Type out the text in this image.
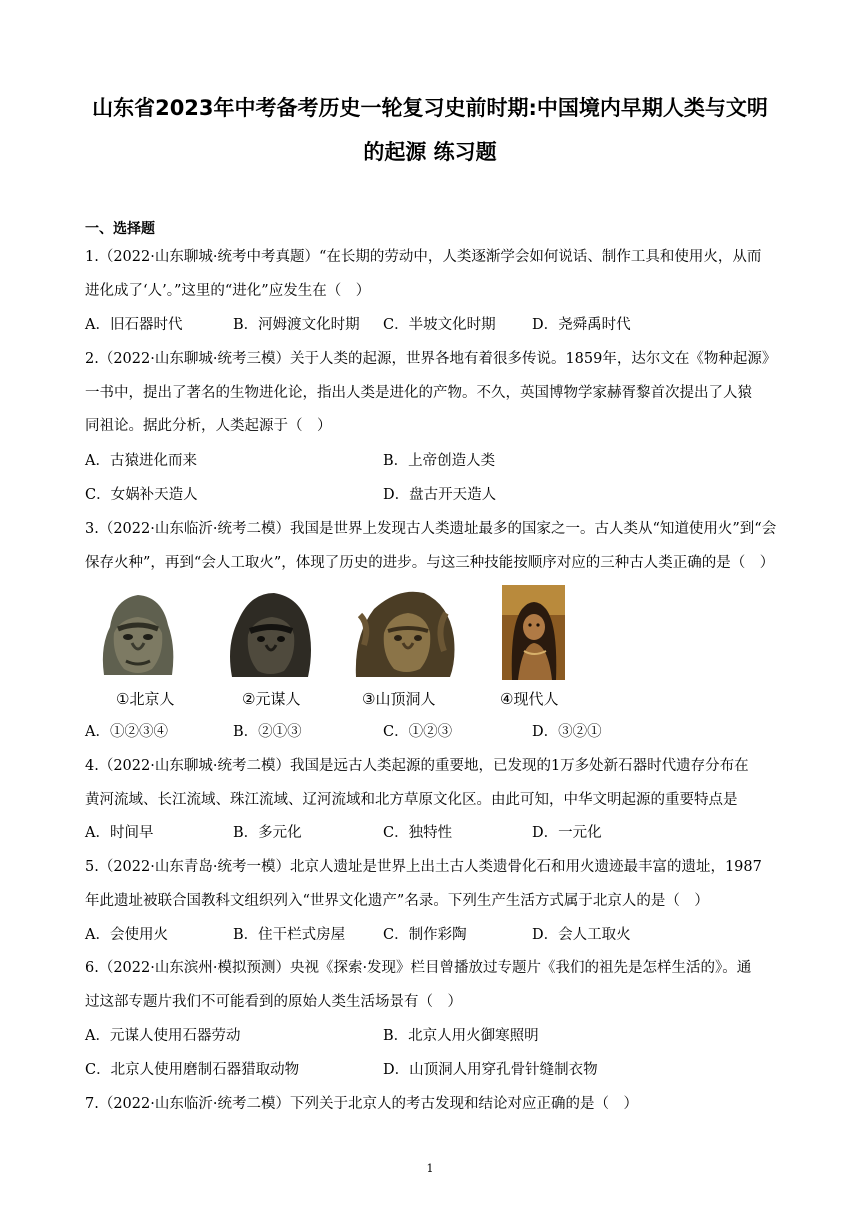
山东省2023年中考备考历史一轮复习史前时期:中国境内早期人类与文明
的起源 练习题
一、选择题
1.（2022·山东聊城·统考中考真题）“在长期的劳动中，人类逐渐学会如何说话、制作工具和使用火，从而
进化成了‘人’。”这里的“进化”应发生在（　）
A．旧石器时代	B．河姆渡文化时期 C．半坡文化时期	D．尧舜禹时代
2.（2022·山东聊城·统考三模）关于人类的起源，世界各地有着很多传说。1859年，达尔文在《物种起源》
一书中，提出了著名的生物进化论，指出人类是进化的产物。不久，英国博物学家赫胥黎首次提出了人猿
同祖论。据此分析，人类起源于（　）
A．古猿进化而来	B．上帝创造人类
C．女娲补天造人	D．盘古开天造人
3.（2022·山东临沂·统考二模）我国是世界上发现古人类遗址最多的国家之一。古人类从“知道使用火”到“会
保存火种”，再到“会人工取火”，体现了历史的进步。与这三种技能按顺序对应的三种古人类正确的是（　）
①北京人	②元谋人	③山顶洞人	④现代人
A．①②③④	B．②①③	C．①②③	D．③②①
4.（2022·山东聊城·统考二模）我国是远古人类起源的重要地，已发现的1万多处新石器时代遗存分布在
黄河流域、长江流域、珠江流域、辽河流域和北方草原文化区。由此可知，中华文明起源的重要特点是
A．时间早	B．多元化	C．独特性	D．一元化
5.（2022·山东青岛·统考一模）北京人遗址是世界上出土古人类遗骨化石和用火遗迹最丰富的遗址，1987
年此遗址被联合国教科文组织列入“世界文化遗产”名录。下列生产生活方式属于北京人的是（　）
A．会使用火	B．住干栏式房屋	C．制作彩陶	D．会人工取火
6.（2022·山东滨州·模拟预测）央视《探索·发现》栏目曾播放过专题片《我们的祖先是怎样生活的》。通
过这部专题片我们不可能看到的原始人类生活场景有（　）
A．元谋人使用石器劳动	B．北京人用火御寒照明
C．北京人使用磨制石器猎取动物	D．山顶洞人用穿孔骨针缝制衣物
7.（2022·山东临沂·统考二模）下列关于北京人的考古发现和结论对应正确的是（　）
1
